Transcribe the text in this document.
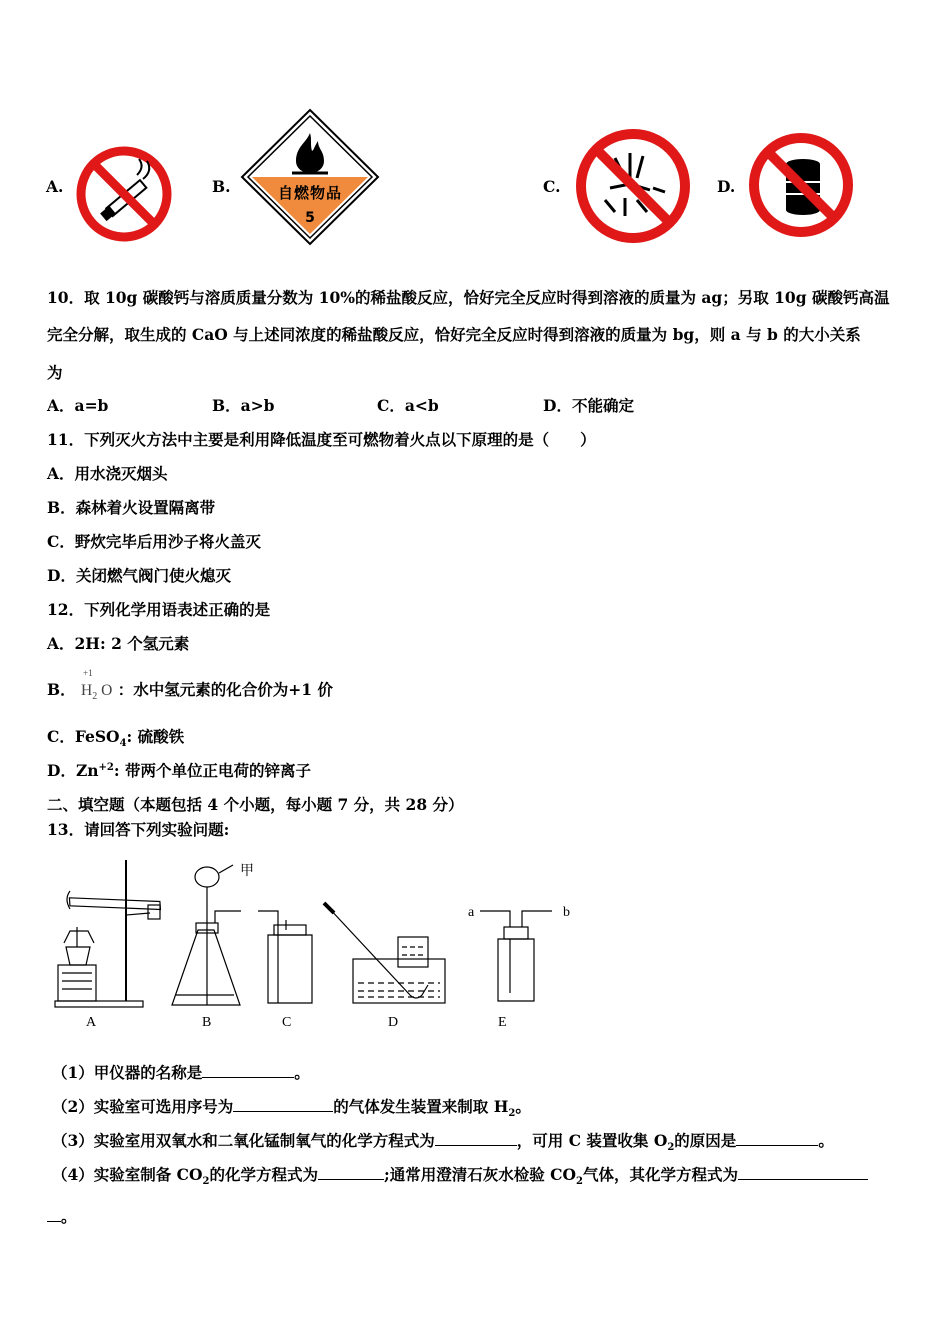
A.	B.	自燃物品
5
C.	D.
10．取 10g 碳酸钙与溶质质量分数为 10%的稀盐酸反应，恰好完全反应时得到溶液的质量为 ag；另取 10g 碳酸钙高温
完全分解，取生成的 CaO 与上述同浓度的稀盐酸反应，恰好完全反应时得到溶液的质量为 bg，则 a 与 b 的大小关系
为
A．a=b	B．a>b	C．a<b	D．不能确定
11．下列灭火方法中主要是利用降低温度至可燃物着火点以下原理的是（　　）
A．用水浇灭烟头
B．森林着火设置隔离带
C．野炊完毕后用沙子将火盖灭
D．关闭燃气阀门使火熄灭
12．下列化学用语表述正确的是
A．2H: 2 个氢元素
B．
+1
$H_2$ O ：水中氢元素的化合价为+1 价
C．FeSO$_4$: 硫酸铁
D．$Zn^{+2}$: 带两个单位正电荷的锌离子
二、填空题（本题包括 4 个小题，每小题 7 分，共 28 分）
13．请回答下列实验问题:
甲
a	b
A	B	C	D	E
（1）甲仪器的名称是	。
（2）实验室可选用序号为	的气体发生装置来制取 $H_2$。
（3）实验室用双氧水和二氧化锰制氧气的化学方程式为	，可用 C 装置收集 $O_2$的原因是	。
（4）实验室制备 $CO_2$的化学方程式为	;通常用澄清石灰水检验 $CO_2$气体，其化学方程式为
。
